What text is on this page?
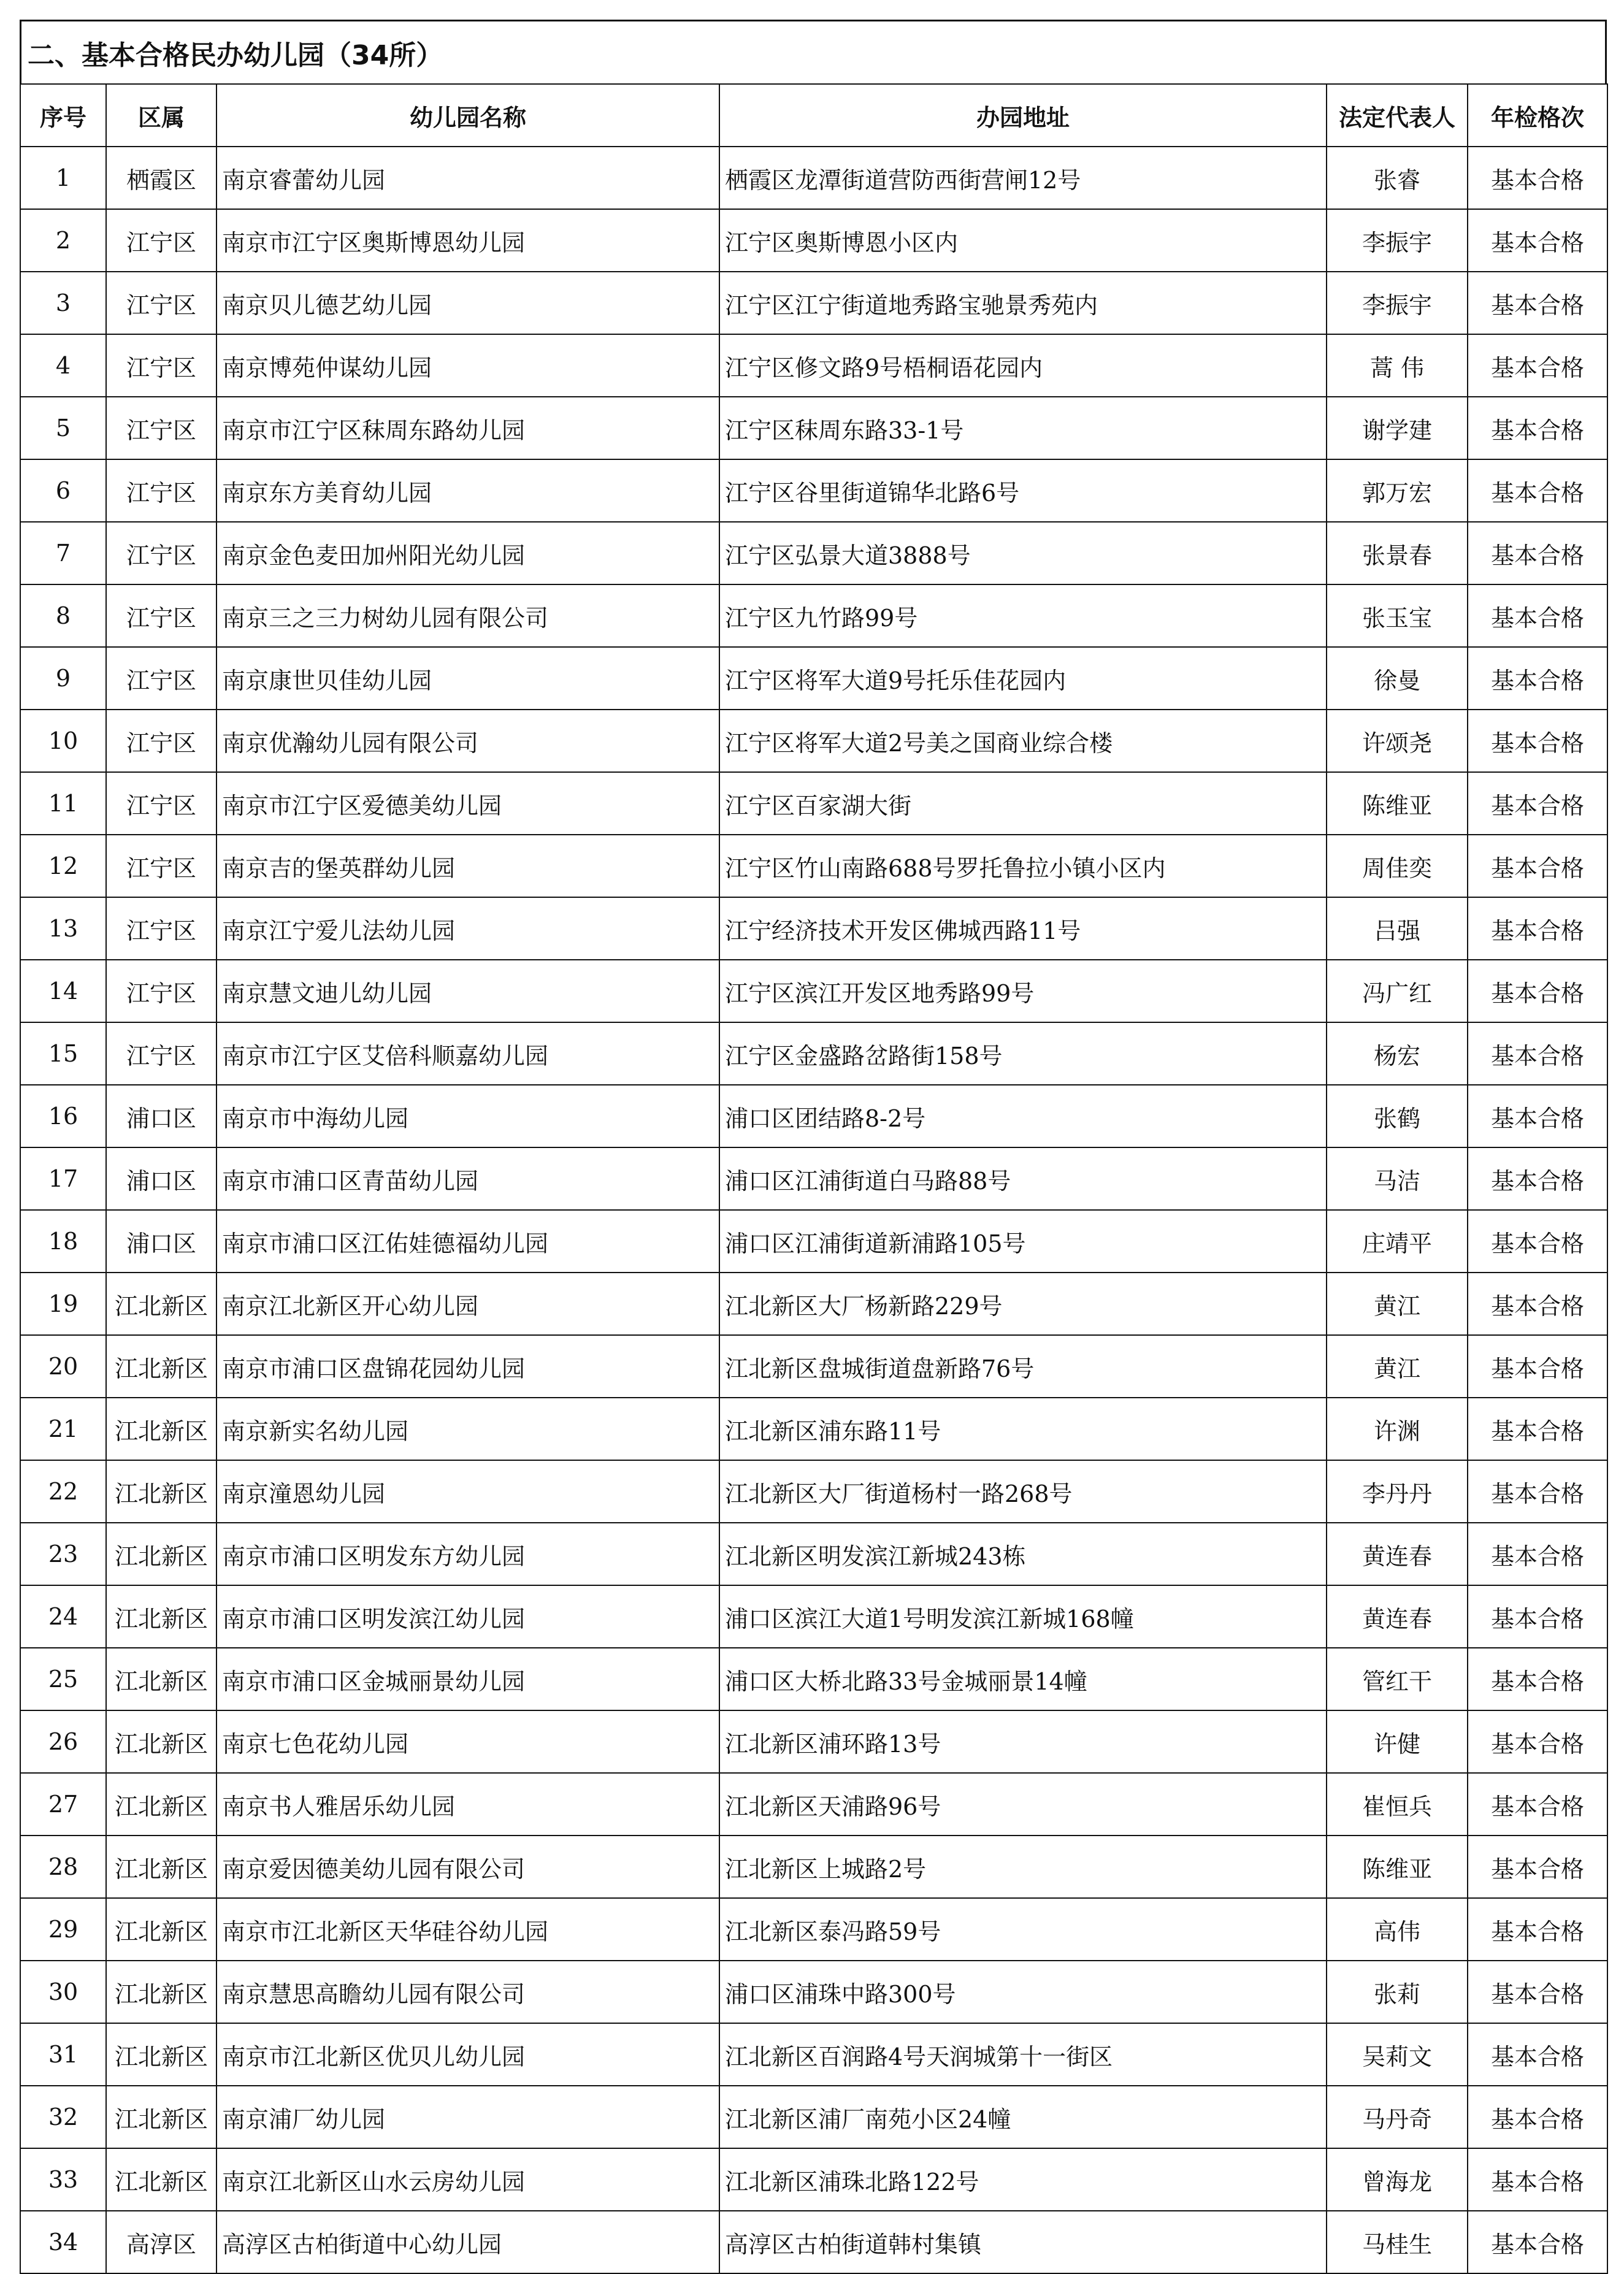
二、基本合格民办幼儿园（34所）
序号	区属	幼儿园名称	办园地址	法定代表人	年检格次
1	栖霞区	南京睿蕾幼儿园	栖霞区龙潭街道营防西街营闸12号	张睿	基本合格
2	江宁区	南京市江宁区奥斯博恩幼儿园	江宁区奥斯博恩小区内	李振宇	基本合格
3	江宁区	南京贝儿德艺幼儿园	江宁区江宁街道地秀路宝驰景秀苑内	李振宇	基本合格
4	江宁区	南京博苑仲谋幼儿园	江宁区修文路9号梧桐语花园内	蒿 伟	基本合格
5	江宁区	南京市江宁区秣周东路幼儿园	江宁区秣周东路33-1号	谢学建	基本合格
6	江宁区	南京东方美育幼儿园	江宁区谷里街道锦华北路6号	郭万宏	基本合格
7	江宁区	南京金色麦田加州阳光幼儿园	江宁区弘景大道3888号	张景春	基本合格
8	江宁区	南京三之三力树幼儿园有限公司	江宁区九竹路99号	张玉宝	基本合格
9	江宁区	南京康世贝佳幼儿园	江宁区将军大道9号托乐佳花园内	徐曼	基本合格
10	江宁区	南京优瀚幼儿园有限公司	江宁区将军大道2号美之国商业综合楼	许颂尧	基本合格
11	江宁区	南京市江宁区爱德美幼儿园	江宁区百家湖大街	陈维亚	基本合格
12	江宁区	南京吉的堡英群幼儿园	江宁区竹山南路688号罗托鲁拉小镇小区内	周佳奕	基本合格
13	江宁区	南京江宁爱儿法幼儿园	江宁经济技术开发区佛城西路11号	吕强	基本合格
14	江宁区	南京慧文迪儿幼儿园	江宁区滨江开发区地秀路99号	冯广红	基本合格
15	江宁区	南京市江宁区艾倍科顺嘉幼儿园	江宁区金盛路岔路街158号	杨宏	基本合格
16	浦口区	南京市中海幼儿园	浦口区团结路8-2号	张鹤	基本合格
17	浦口区	南京市浦口区青苗幼儿园	浦口区江浦街道白马路88号	马洁	基本合格
18	浦口区	南京市浦口区江佑娃德福幼儿园	浦口区江浦街道新浦路105号	庄靖平	基本合格
19	江北新区	南京江北新区开心幼儿园	江北新区大厂杨新路229号	黄江	基本合格
20	江北新区	南京市浦口区盘锦花园幼儿园	江北新区盘城街道盘新路76号	黄江	基本合格
21	江北新区	南京新实名幼儿园	江北新区浦东路11号	许渊	基本合格
22	江北新区	南京潼恩幼儿园	江北新区大厂街道杨村一路268号	李丹丹	基本合格
23	江北新区	南京市浦口区明发东方幼儿园	江北新区明发滨江新城243栋	黄连春	基本合格
24	江北新区	南京市浦口区明发滨江幼儿园	浦口区滨江大道1号明发滨江新城168幢	黄连春	基本合格
25	江北新区	南京市浦口区金城丽景幼儿园	浦口区大桥北路33号金城丽景14幢	管红干	基本合格
26	江北新区	南京七色花幼儿园	江北新区浦环路13号	许健	基本合格
27	江北新区	南京书人雅居乐幼儿园	江北新区天浦路96号	崔恒兵	基本合格
28	江北新区	南京爱因德美幼儿园有限公司	江北新区上城路2号	陈维亚	基本合格
29	江北新区	南京市江北新区天华硅谷幼儿园	江北新区泰冯路59号	高伟	基本合格
30	江北新区	南京慧思高瞻幼儿园有限公司	浦口区浦珠中路300号	张莉	基本合格
31	江北新区	南京市江北新区优贝儿幼儿园	江北新区百润路4号天润城第十一街区	吴莉文	基本合格
32	江北新区	南京浦厂幼儿园	江北新区浦厂南苑小区24幢	马丹奇	基本合格
33	江北新区	南京江北新区山水云房幼儿园	江北新区浦珠北路122号	曾海龙	基本合格
34	高淳区	高淳区古柏街道中心幼儿园	高淳区古柏街道韩村集镇	马桂生	基本合格
